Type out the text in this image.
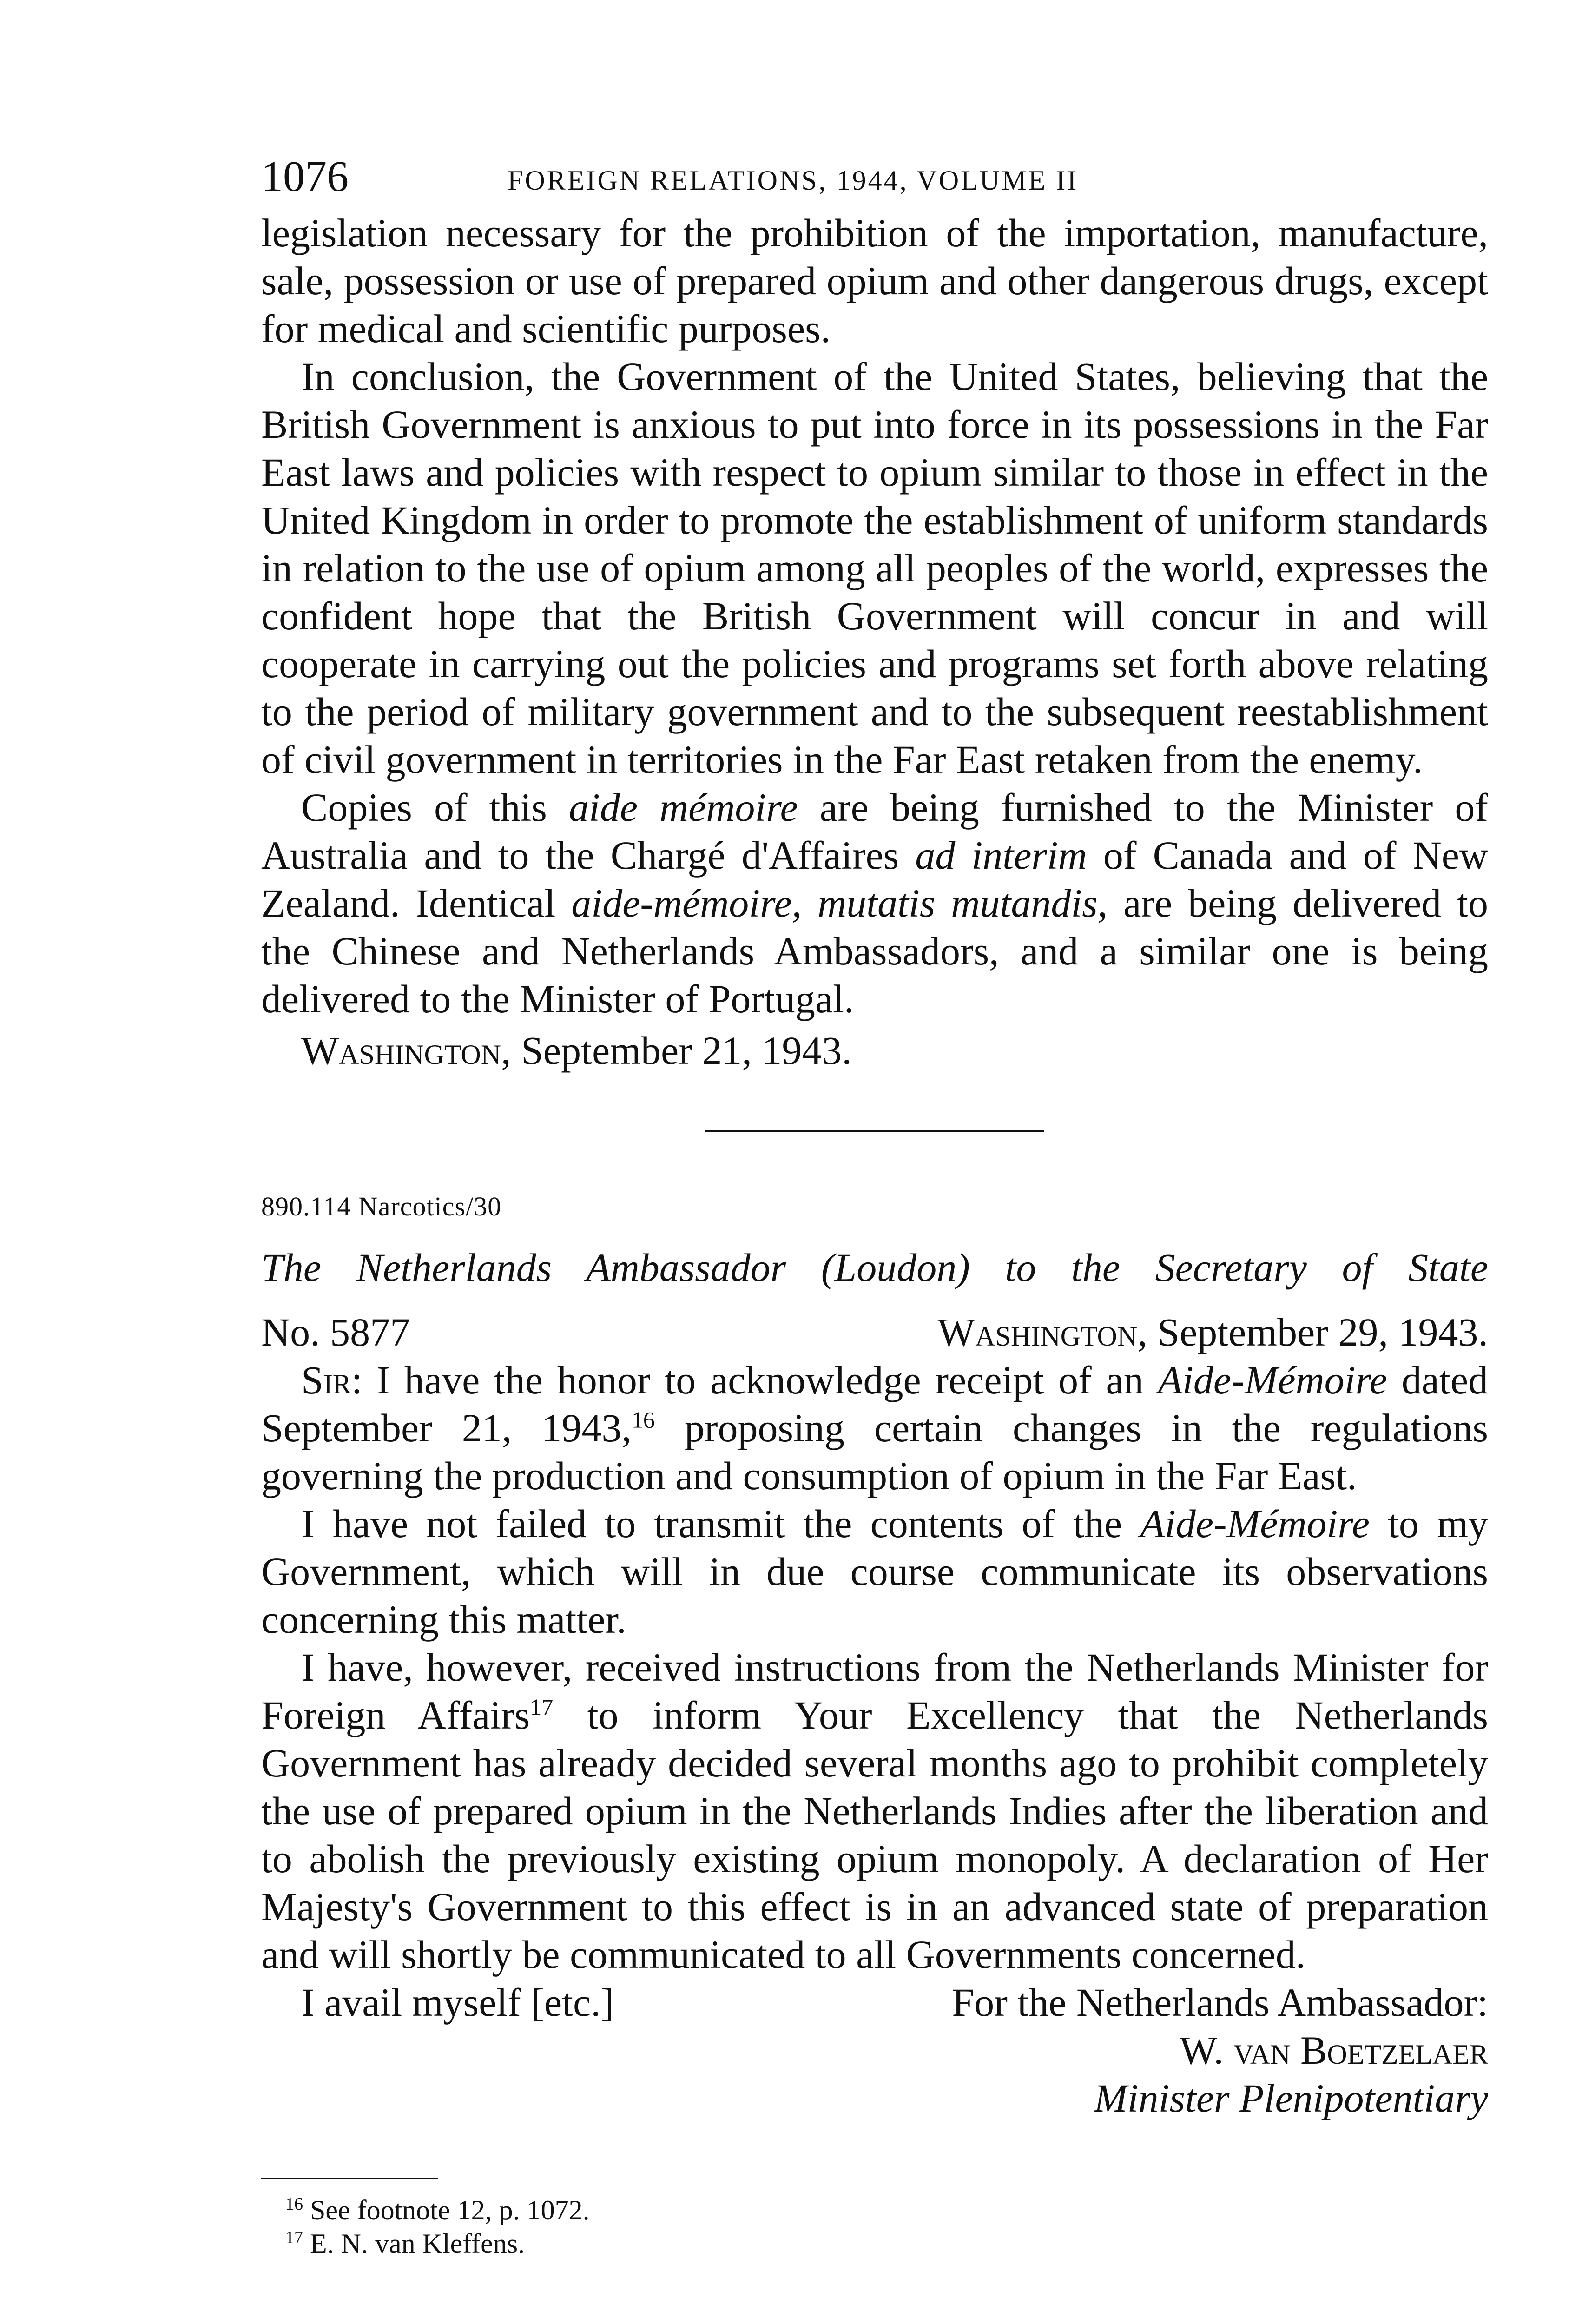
1076	FOREIGN RELATIONS, 1944, VOLUME II

legislation necessary for the prohibition of the importation, manufacture, sale, possession or use of prepared opium and other dangerous drugs, except for medical and scientific purposes.

In conclusion, the Government of the United States, believing that the British Government is anxious to put into force in its possessions in the Far East laws and policies with respect to opium similar to those in effect in the United Kingdom in order to promote the establishment of uniform standards in relation to the use of opium among all peoples of the world, expresses the confident hope that the British Government will concur in and will cooperate in carrying out the policies and programs set forth above relating to the period of military government and to the subsequent reestablishment of civil government in territories in the Far East retaken from the enemy.

Copies of this aide mémoire are being furnished to the Minister of Australia and to the Chargé d'Affaires ad interim of Canada and of New Zealand. Identical aide-mémoire, mutatis mutandis, are being delivered to the Chinese and Netherlands Ambassadors, and a similar one is being delivered to the Minister of Portugal.

Washington, September 21, 1943.

890.114 Narcotics/30
The Netherlands Ambassador (Loudon) to the Secretary of State
No. 5877	Washington, September 29, 1943.

Sir: I have the honor to acknowledge receipt of an Aide-Mémoire dated September 21, 1943,16 proposing certain changes in the regulations governing the production and consumption of opium in the Far East.

I have not failed to transmit the contents of the Aide-Mémoire to my Government, which will in due course communicate its observations concerning this matter.

I have, however, received instructions from the Netherlands Minister for Foreign Affairs$^{17}$ to inform Your Excellency that the Netherlands Government has already decided several months ago to prohibit completely the use of prepared opium in the Netherlands Indies after the liberation and to abolish the previously existing opium monopoly. A declaration of Her Majesty's Government to this effect is in an advanced state of preparation and will shortly be communicated to all Governments concerned.

I avail myself [etc.]	For the Netherlands Ambassador:
W. van Boetzelaer
Minister Plenipotentiary
$^{16}$ See footnote 12, p. 1072.
$^{17}$ E. N. van Kleffens.
